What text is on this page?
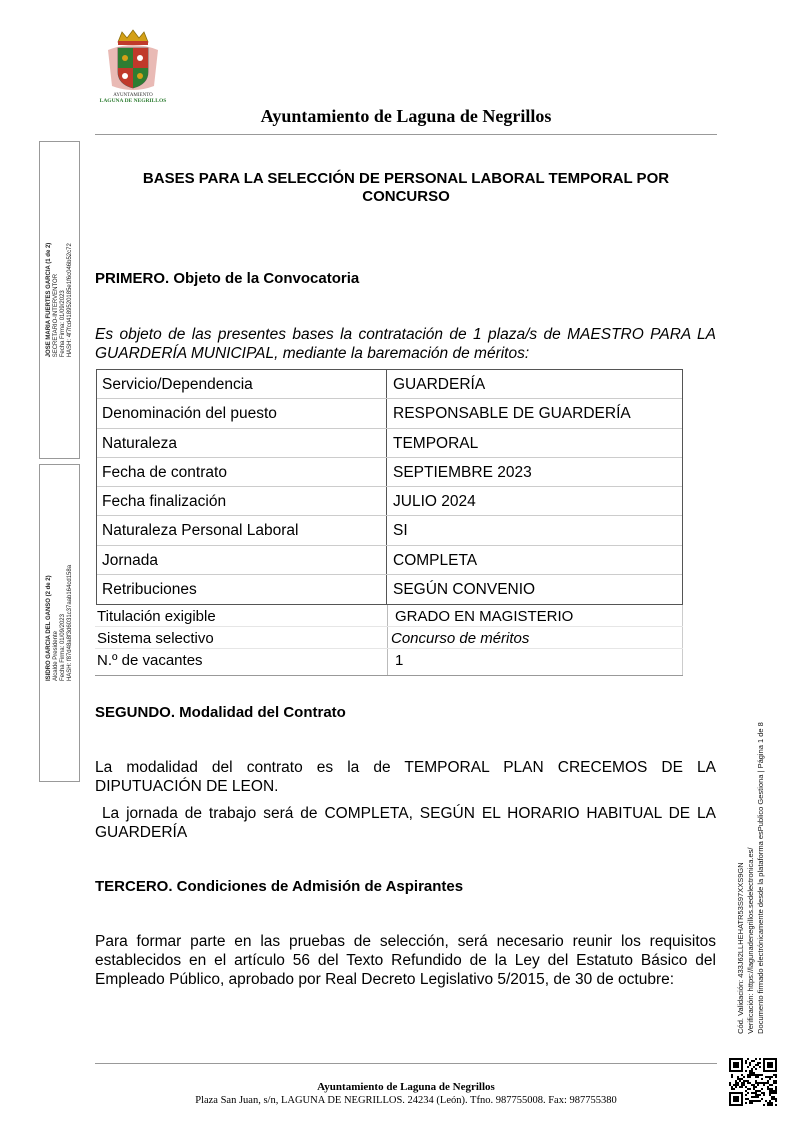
AYUNTAMIENTO
LAGUNA DE NEGRILLOS
Ayuntamiento de Laguna de Negrillos
JOSE MARIA FUERTES GARCIA (1 de 2) SECRETARIO-INTERVENTOR Fecha Firma: 01/09/2023 HASH: 4f7fcd4189520185e1f6c046b52c72
ISIDRO GARCIA DEL GANSO (2 de 2) Alcalde Presidente Fecha Firma: 01/09/2023 HASH: f87d48a8f3d6031c37aab164cd158a
BASES PARA LA SELECCIÓN DE PERSONAL LABORAL TEMPORAL POR CONCURSO
PRIMERO. Objeto de la Convocatoria
Es objeto de las presentes bases la contratación de 1 plaza/s de MAESTRO PARA LA GUARDERÍA MUNICIPAL, mediante la baremación de méritos:
Servicio/Dependencia	GUARDERÍA
Denominación del puesto	RESPONSABLE DE GUARDERÍA
Naturaleza	TEMPORAL
Fecha de contrato	SEPTIEMBRE 2023
Fecha finalización	JULIO 2024
Naturaleza Personal Laboral	SI
Jornada	COMPLETA
Retribuciones	SEGÚN CONVENIO
Titulación exigible	GRADO EN MAGISTERIO
Sistema selectivo	Concurso de méritos
N.º de vacantes	1
SEGUNDO. Modalidad del Contrato
La modalidad del contrato es la de TEMPORAL PLAN CRECEMOS DE LA DIPUTUACIÓN DE LEON.
La jornada de trabajo será de COMPLETA, SEGÚN EL HORARIO HABITUAL DE LA GUARDERÍA
TERCERO. Condiciones de Admisión de Aspirantes
Para formar parte en las pruebas de selección, será necesario reunir los requisitos establecidos en el artículo 56 del Texto Refundido de la Ley del Estatuto Básico del Empleado Público, aprobado por Real Decreto Legislativo 5/2015, de 30 de octubre:	Cód. Validación: 433J62LLHEHATR53S97XXS9GN Verificación: https://lagunadenegrillos.sedelectronica.es/ Documento firmado electrónicamente desde la plataforma esPublico Gestiona | Página 1 de 8
Ayuntamiento de Laguna de Negrillos
Plaza San Juan, s/n, LAGUNA DE NEGRILLOS. 24234 (León). Tfno. 987755008. Fax: 987755380
